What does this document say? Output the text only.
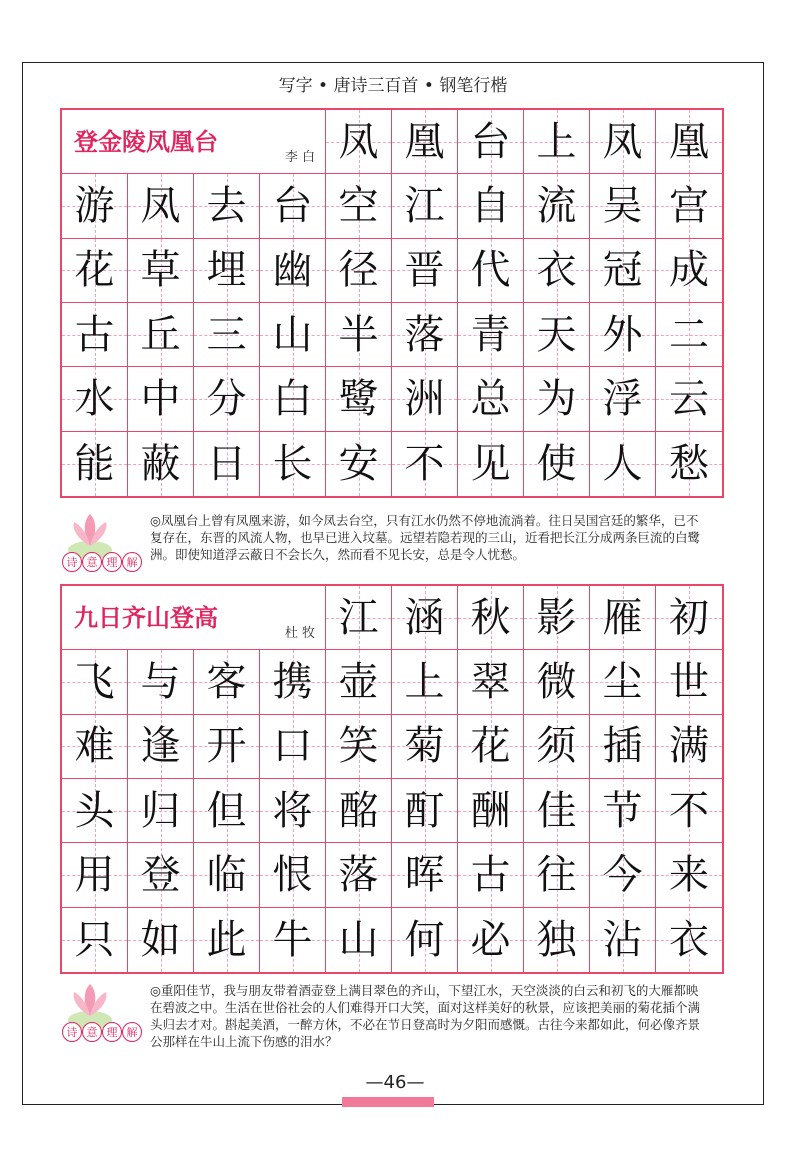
写字 • 唐诗三百首 • 钢笔行楷
登金陵凤凰台
李 白 凤 凰 台 上 凤 凰
游 凤 去 台 空 江 自 流 吴 宫
花 草 埋 幽 径 晋 代 衣 冠 成
古 丘 三 山 半 落 青 天 外 二
水 中 分 白 鹭 洲 总 为 浮 云
能 蔽 日 长 安 不 见 使 人 愁
诗 意 理 解
◎凤凰台上曾有凤凰来游，如今凤去台空，只有江水仍然不停地流淌着。往日吴国宫廷的繁华，已不复存在，东晋的风流人物，也早已进入坟墓。远望若隐若现的三山，近看把长江分成两条巨流的白鹭洲。即使知道浮云蔽日不会长久，然而看不见长安，总是令人忧愁。
九日齐山登高
杜 牧 江 涵 秋 影 雁 初
飞 与 客 携 壶 上 翠 微 尘 世
难 逢 开 口 笑 菊 花 须 插 满
头 归 但 将 酩 酊 酬 佳 节 不
用 登 临 恨 落 晖 古 往 今 来
只 如 此 牛 山 何 必 独 沾 衣
诗 意 理 解
◎重阳佳节，我与朋友带着酒壶登上满目翠色的齐山，下望江水，天空淡淡的白云和初飞的大雁都映在碧波之中。生活在世俗社会的人们难得开口大笑，面对这样美好的秋景，应该把美丽的菊花插个满头归去才对。斟起美酒，一醉方休，不必在节日登高时为夕阳而感慨。古往今来都如此，何必像齐景公那样在牛山上流下伤感的泪水？
—46—
